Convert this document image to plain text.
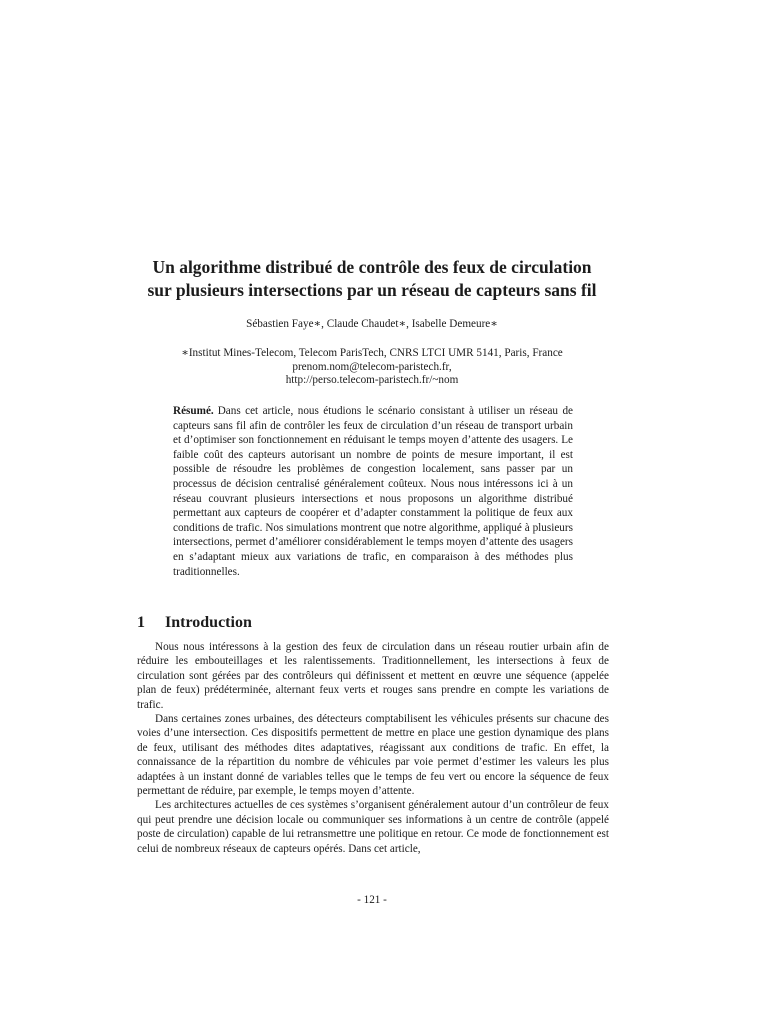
Un algorithme distribué de contrôle des feux de circulation
sur plusieurs intersections par un réseau de capteurs sans fil
Sébastien Faye∗, Claude Chaudet∗, Isabelle Demeure∗
∗Institut Mines-Telecom, Telecom ParisTech, CNRS LTCI UMR 5141, Paris, France
prenom.nom@telecom-paristech.fr,
http://perso.telecom-paristech.fr/~nom

Résumé. Dans cet article, nous étudions le scénario consistant à utiliser un réseau de capteurs sans fil afin de contrôler les feux de circulation d’un réseau de transport urbain et d’optimiser son fonctionnement en réduisant le temps moyen d’attente des usagers. Le faible coût des capteurs autorisant un nombre de points de mesure important, il est possible de résoudre les problèmes de congestion localement, sans passer par un processus de décision centralisé généralement coûteux. Nous nous intéressons ici à un réseau couvrant plusieurs intersections et nous proposons un algorithme distribué permettant aux capteurs de coopérer et d’adapter constamment la politique de feux aux conditions de trafic. Nos simulations montrent que notre algorithme, appliqué à plusieurs intersections, permet d’améliorer considérablement le temps moyen d’attente des usagers en s’adaptant mieux aux variations de trafic, en comparaison à des méthodes plus traditionnelles.

1 Introduction

Nous nous intéressons à la gestion des feux de circulation dans un réseau routier urbain afin de réduire les embouteillages et les ralentissements. Traditionnellement, les intersections à feux de circulation sont gérées par des contrôleurs qui définissent et mettent en œuvre une séquence (appelée plan de feux) prédéterminée, alternant feux verts et rouges sans prendre en compte les variations de trafic.

Dans certaines zones urbaines, des détecteurs comptabilisent les véhicules présents sur chacune des voies d’une intersection. Ces dispositifs permettent de mettre en place une gestion dynamique des plans de feux, utilisant des méthodes dites adaptatives, réagissant aux conditions de trafic. En effet, la connaissance de la répartition du nombre de véhicules par voie permet d’estimer les valeurs les plus adaptées à un instant donné de variables telles que le temps de feu vert ou encore la séquence de feux permettant de réduire, par exemple, le temps moyen d’attente.

Les architectures actuelles de ces systèmes s’organisent généralement autour d’un contrôleur de feux qui peut prendre une décision locale ou communiquer ses informations à un centre de contrôle (appelé poste de circulation) capable de lui retransmettre une politique en retour. Ce mode de fonctionnement est celui de nombreux réseaux de capteurs opérés. Dans cet article,

- 121 -
